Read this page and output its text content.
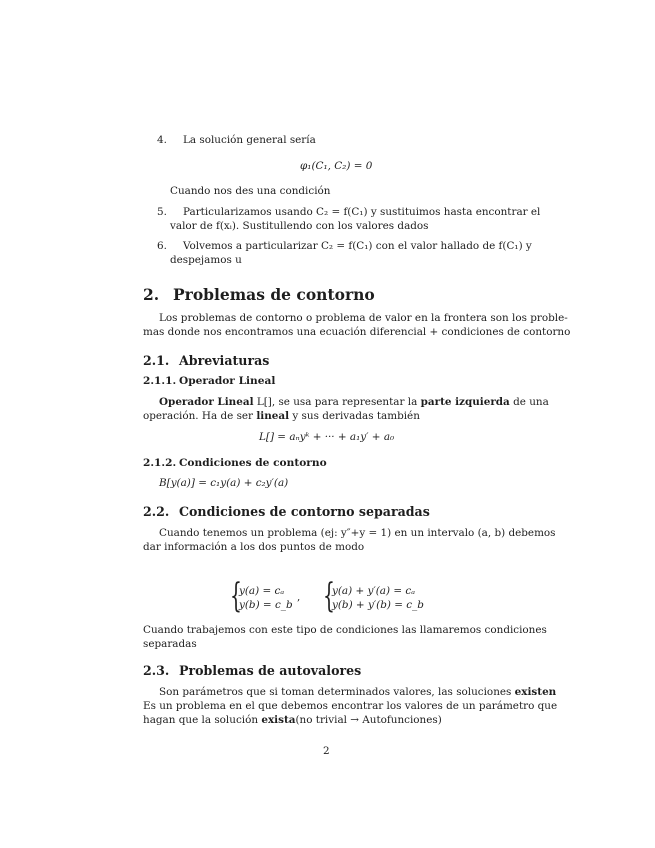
4. La solución general sería
φ₁(C₁, C₂) = 0
Cuando nos des una condición
5. Particularizamos usando C₂ = f(C₁) y sustituimos hasta encontrar el
valor de f(xᵢ). Sustitullendo con los valores dados
6. Volvemos a particularizar C₂ = f(C₁) con el valor hallado de f(C₁) y
despejamos u
2. Problemas de contorno
Los problemas de contorno o problema de valor en la frontera son los proble-
mas donde nos encontramos una ecuación diferencial + condiciones de contorno
2.1. Abreviaturas
2.1.1. Operador Lineal
Operador Lineal L[], se usa para representar la parte izquierda de una
operación. Ha de ser lineal y sus derivadas también
L[] = aₙyᵏ + ··· + a₁y′ + a₀
2.1.2. Condiciones de contorno
B[y(a)] = c₁y(a) + c₂y′(a)
2.2. Condiciones de contorno separadas
Cuando tenemos un problema (ej: y″+y = 1) en un intervalo (a, b) debemos
dar información a los dos puntos de modo
{
y(a) = cₐ
y(b) = c_b
, {
y(a) + y′(a) = cₐ
y(b) + y′(b) = c_b
Cuando trabajemos con este tipo de condiciones las llamaremos condiciones
separadas
2.3. Problemas de autovalores
Son parámetros que si toman determinados valores, las soluciones existen
Es un problema en el que debemos encontrar los valores de un parámetro que
hagan que la solución exista(no trivial → Autofunciones)
2
